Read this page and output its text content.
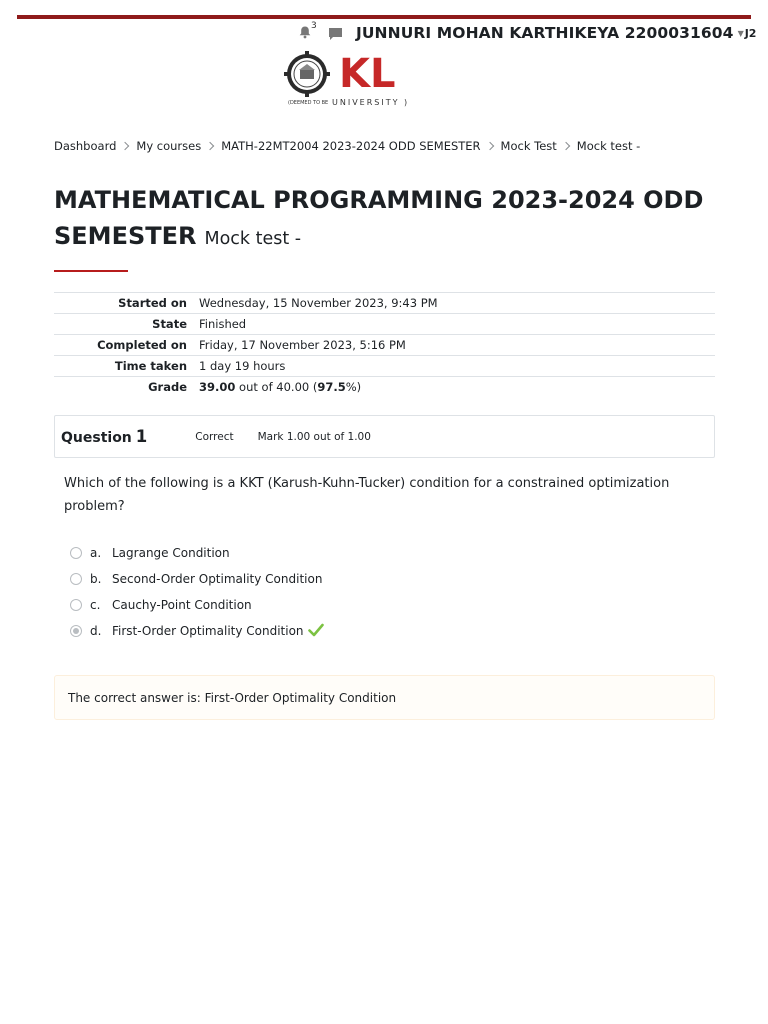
3	JUNNURI MOHAN KARTHIKEYA 2200031604 ▼ J2
KL
(DEEMED TO BE UNIVERSITY )
Dashboard My courses MATH-22MT2004 2023-2024 ODD SEMESTER Mock Test Mock test -
MATHEMATICAL PROGRAMMING 2023-2024 ODD SEMESTER Mock test -
Started on	Wednesday, 15 November 2023, 9:43 PM
State	Finished
Completed on	Friday, 17 November 2023, 5:16 PM
Time taken	1 day 19 hours
Grade	39.00 out of 40.00 (97.5%)
Question 1	Correct Mark 1.00 out of 1.00
Which of the following is a KKT (Karush-Kuhn-Tucker) condition for a constrained optimization problem?
a. Lagrange Condition
b. Second-Order Optimality Condition
c. Cauchy-Point Condition
d. First-Order Optimality Condition
The correct answer is: First-Order Optimality Condition
